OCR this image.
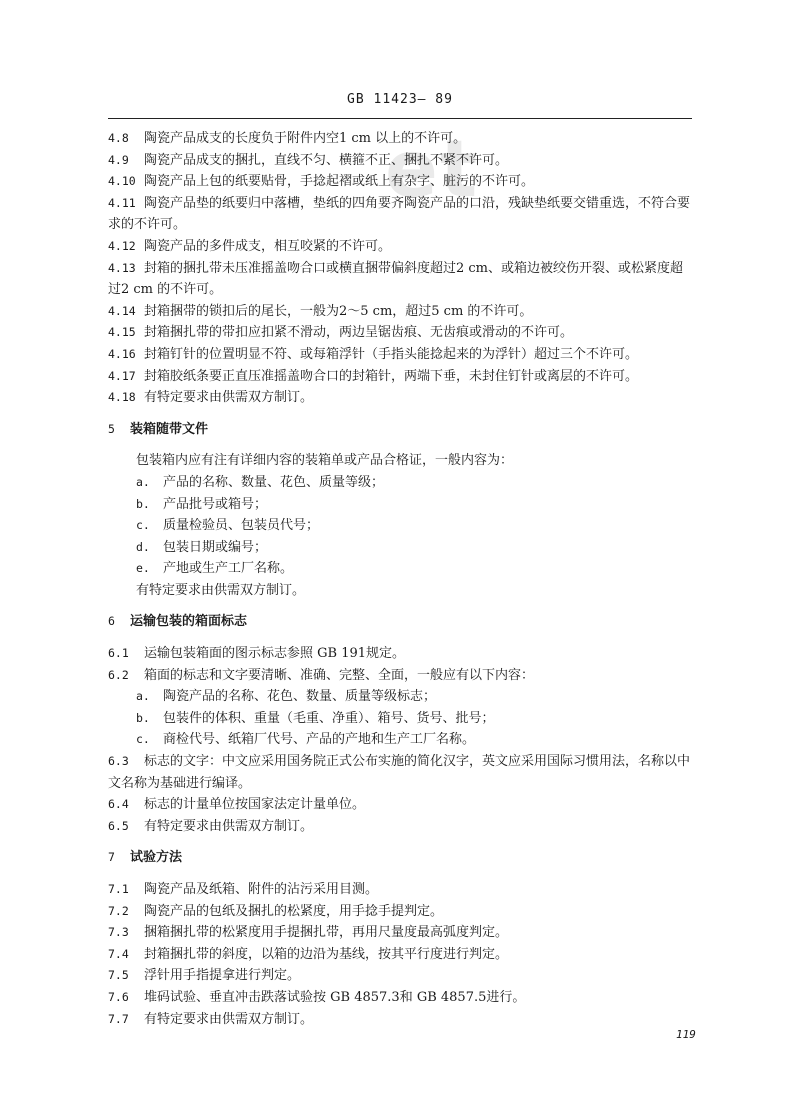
GB 11423— 89
et
4.8 陶瓷产品成支的长度负于附件内空1 cm 以上的不许可。
4.9 陶瓷产品成支的捆扎，直线不匀、横箍不正、捆扎不紧不许可。
4.10 陶瓷产品上包的纸要贴骨，手捻起褶或纸上有杂字、脏污的不许可。
4.11 陶瓷产品垫的纸要归中落槽，垫纸的四角要齐陶瓷产品的口沿，残缺垫纸要交错重选，不符合要求的不许可。
4.12 陶瓷产品的多件成支，相互咬紧的不许可。
4.13 封箱的捆扎带未压准摇盖吻合口或横直捆带偏斜度超过2 cm、或箱边被绞伤开裂、或松紧度超过2 cm 的不许可。
4.14 封箱捆带的锁扣后的尾长，一般为2～5 cm，超过5 cm 的不许可。
4.15 封箱捆扎带的带扣应扣紧不滑动，两边呈锯齿痕、无齿痕或滑动的不许可。
4.16 封箱钉针的位置明显不符、或每箱浮针（手指头能捻起来的为浮针）超过三个不许可。
4.17 封箱胶纸条要正直压准摇盖吻合口的封箱针，两端下垂，未封住钉针或离层的不许可。
4.18 有特定要求由供需双方制订。
5 装箱随带文件
包装箱内应有注有详细内容的装箱单或产品合格证，一般内容为：
a. 产品的名称、数量、花色、质量等级；
b. 产品批号或箱号；
c. 质量检验员、包装员代号；
d. 包装日期或编号；
e. 产地或生产工厂名称。
有特定要求由供需双方制订。
6 运输包装的箱面标志
6.1 运输包装箱面的图示标志参照 GB 191规定。
6.2 箱面的标志和文字要清晰、准确、完整、全面，一般应有以下内容：
a. 陶瓷产品的名称、花色、数量、质量等级标志；
b. 包装件的体积、重量（毛重、净重）、箱号、货号、批号；
c. 商检代号、纸箱厂代号、产品的产地和生产工厂名称。
6.3 标志的文字：中文应采用国务院正式公布实施的简化汉字，英文应采用国际习惯用法，名称以中文名称为基础进行编译。
6.4 标志的计量单位按国家法定计量单位。
6.5 有特定要求由供需双方制订。
7 试验方法
7.1 陶瓷产品及纸箱、附件的沾污采用目测。
7.2 陶瓷产品的包纸及捆扎的松紧度，用手捻手提判定。
7.3 捆箱捆扎带的松紧度用手提捆扎带，再用尺量度最高弧度判定。
7.4 封箱捆扎带的斜度，以箱的边沿为基线，按其平行度进行判定。
7.5 浮针用手指提拿进行判定。
7.6 堆码试验、垂直冲击跌落试验按 GB 4857.3和 GB 4857.5进行。
7.7 有特定要求由供需双方制订。
119
